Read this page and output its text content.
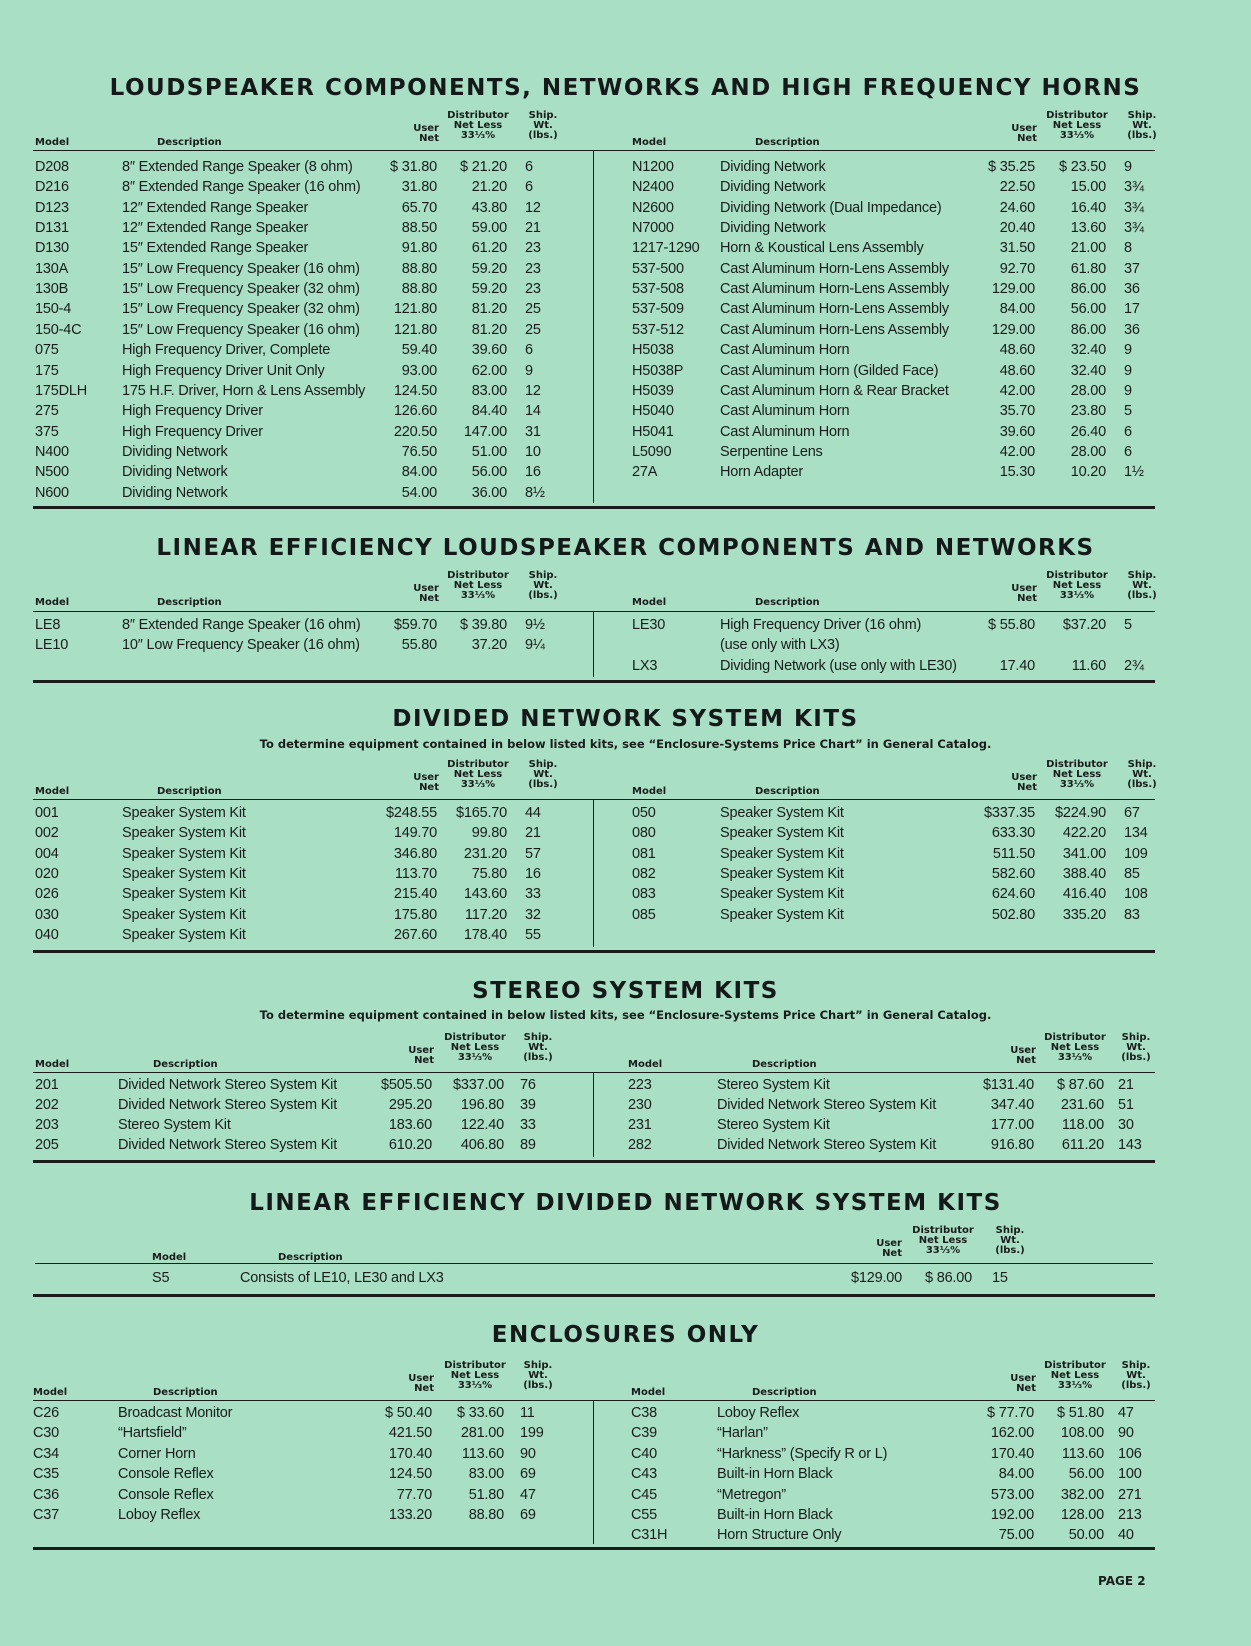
LOUDSPEAKER COMPONENTS, NETWORKS AND HIGH FREQUENCY HORNS
Model	Description
User
Net
Distributor
Net Less
33⅓%
Ship.
Wt.
(lbs.)
Model	Description
User
Net
Distributor
Net Less
33⅓%
Ship.
Wt.
(lbs.)
D208	8″ Extended Range Speaker (8 ohm)	$ 31.80	$ 21.20 6
D216	8″ Extended Range Speaker (16 ohm)	31.80	21.20 6
D123	12″ Extended Range Speaker	65.70	43.80 12
D131	12″ Extended Range Speaker	88.50	59.00 21
D130	15″ Extended Range Speaker	91.80	61.20 23
130A	15″ Low Frequency Speaker (16 ohm)	88.80	59.20 23
130B	15″ Low Frequency Speaker (32 ohm)	88.80	59.20 23
150-4	15″ Low Frequency Speaker (32 ohm)	121.80	81.20 25
150-4C	15″ Low Frequency Speaker (16 ohm)	121.80	81.20 25
075	High Frequency Driver, Complete	59.40	39.60 6
175	High Frequency Driver Unit Only	93.00	62.00 9
175DLH 175 H.F. Driver, Horn & Lens Assembly	124.50	83.00 12
275	High Frequency Driver	126.60	84.40 14
375	High Frequency Driver	220.50	147.00 31
N400	Dividing Network	76.50	51.00 10
N500	Dividing Network	84.00	56.00 16
N600	Dividing Network	54.00	36.00 8½
N1200	Dividing Network	$ 35.25	$ 23.50 9
N2400	Dividing Network	22.50	15.00 3¾
N2600	Dividing Network (Dual Impedance)	24.60	16.40 3¾
N7000	Dividing Network	20.40	13.60 3¾
1217-1290 Horn & Koustical Lens Assembly	31.50	21.00 8
537-500 Cast Aluminum Horn-Lens Assembly	92.70	61.80 37
537-508 Cast Aluminum Horn-Lens Assembly	129.00	86.00 36
537-509 Cast Aluminum Horn-Lens Assembly	84.00	56.00 17
537-512 Cast Aluminum Horn-Lens Assembly	129.00	86.00 36
H5038	Cast Aluminum Horn	48.60	32.40 9
H5038P	Cast Aluminum Horn (Gilded Face)	48.60	32.40 9
H5039	Cast Aluminum Horn & Rear Bracket	42.00	28.00 9
H5040	Cast Aluminum Horn	35.70	23.80 5
H5041	Cast Aluminum Horn	39.60	26.40 6
L5090	Serpentine Lens	42.00	28.00 6
27A	Horn Adapter	15.30	10.20 1½
LINEAR EFFICIENCY LOUDSPEAKER COMPONENTS AND NETWORKS
Model	Description
User
Net
Distributor
Net Less
33⅓%
Ship.
Wt.
(lbs.)
Model	Description
User
Net
Distributor
Net Less
33⅓%
Ship.
Wt.
(lbs.)
LE8	8″ Extended Range Speaker (16 ohm)	$59.70	$ 39.80 9½
LE10	10″ Low Frequency Speaker (16 ohm)	55.80	37.20 9¼
LE30	High Frequency Driver (16 ohm)	$ 55.80	$37.20 5
(use only with LX3)
LX3	Dividing Network (use only with LE30)	17.40	11.60 2¾
DIVIDED NETWORK SYSTEM KITS
To determine equipment contained in below listed kits, see “Enclosure-Systems Price Chart” in General Catalog.
Model	Description
User
Net
Distributor
Net Less
33⅓%
Ship.
Wt.
(lbs.)
Model	Description
User
Net
Distributor
Net Less
33⅓%
Ship.
Wt.
(lbs.)
001	Speaker System Kit	$248.55	$165.70 44
002	Speaker System Kit	149.70	99.80 21
004	Speaker System Kit	346.80	231.20 57
020	Speaker System Kit	113.70	75.80 16
026	Speaker System Kit	215.40	143.60 33
030	Speaker System Kit	175.80	117.20 32
040	Speaker System Kit	267.60	178.40 55
050	Speaker System Kit	$337.35	$224.90 67
080	Speaker System Kit	633.30	422.20 134
081	Speaker System Kit	511.50	341.00 109
082	Speaker System Kit	582.60	388.40 85
083	Speaker System Kit	624.60	416.40 108
085	Speaker System Kit	502.80	335.20 83
STEREO SYSTEM KITS
To determine equipment contained in below listed kits, see “Enclosure-Systems Price Chart” in General Catalog.
Model	Description
User
Net
Distributor
Net Less
33⅓%
Ship.
Wt.
(lbs.)
Model	Description
User
Net
Distributor
Net Less
33⅓%
Ship.
Wt.
(lbs.)
201	Divided Network Stereo System Kit	$505.50	$337.00 76
202	Divided Network Stereo System Kit	295.20	196.80 39
203	Stereo System Kit	183.60	122.40 33
205	Divided Network Stereo System Kit	610.20	406.80 89
223	Stereo System Kit	$131.40	$ 87.60 21
230	Divided Network Stereo System Kit	347.40	231.60 51
231	Stereo System Kit	177.00	118.00 30
282	Divided Network Stereo System Kit	916.80	611.20 143
LINEAR EFFICIENCY DIVIDED NETWORK SYSTEM KITS
Model	Description
User
Net
Distributor
Net Less
33⅓%
Ship.
Wt.
(lbs.)
S5	Consists of LE10, LE30 and LX3	$129.00	$ 86.00 15
ENCLOSURES ONLY
Model	Description
User
Net
Distributor
Net Less
33⅓%
Ship.
Wt.
(lbs.)
Model	Description
User
Net
Distributor
Net Less
33⅓%
Ship.
Wt.
(lbs.)
C26	Broadcast Monitor	$ 50.40	$ 33.60 11
C30	“Hartsfield”	421.50	281.00 199
C34	Corner Horn	170.40	113.60 90
C35	Console Reflex	124.50	83.00 69
C36	Console Reflex	77.70	51.80 47
C37	Loboy Reflex	133.20	88.80 69
C38	Loboy Reflex	$ 77.70	$ 51.80 47
C39	“Harlan”	162.00	108.00 90
C40	“Harkness” (Specify R or L)	170.40	113.60 106
C43	Built-in Horn Black	84.00	56.00 100
C45	“Metregon”	573.00	382.00 271
C55	Built-in Horn Black	192.00	128.00 213
C31H	Horn Structure Only	75.00	50.00 40
PAGE 2
